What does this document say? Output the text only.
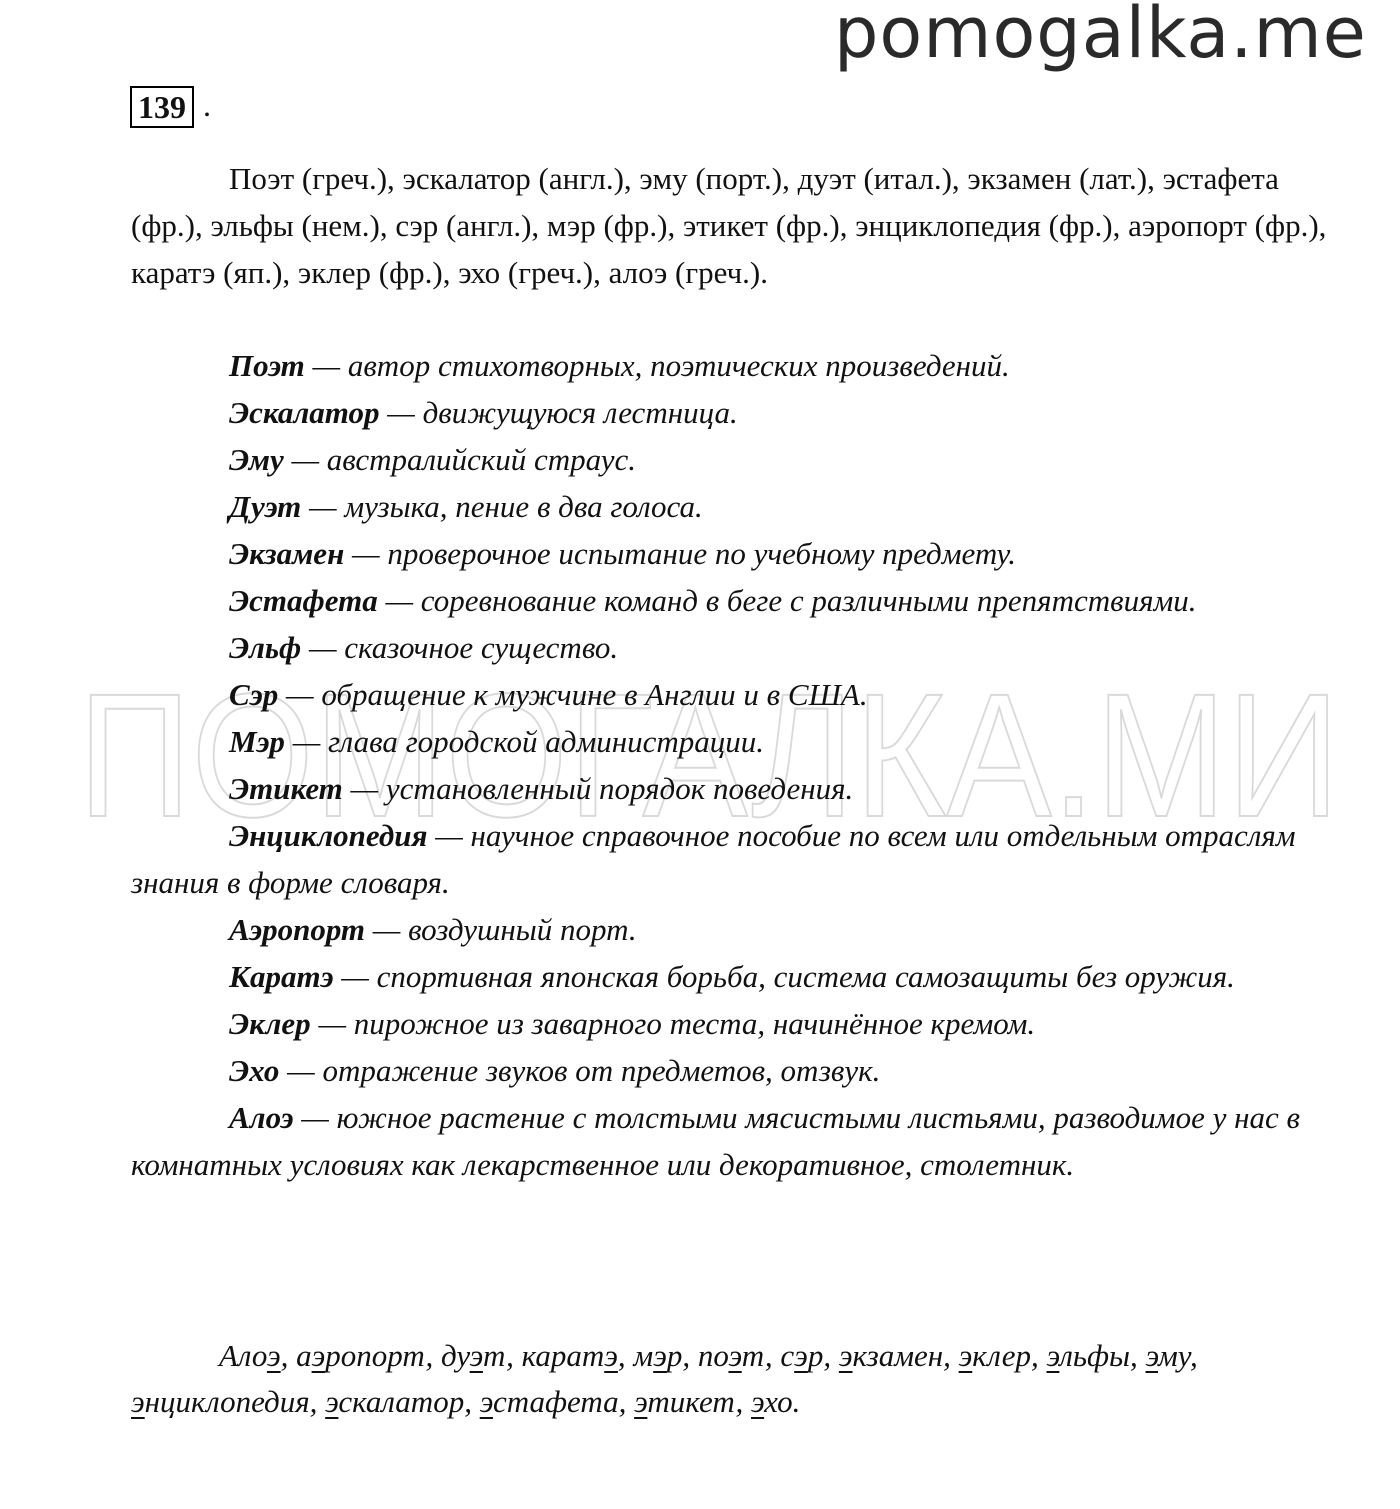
pomogalka.me
ПОМОГАЛКА.МИ
139 .

Поэт (греч.), эскалатор (англ.), эму (порт.), дуэт (итал.), экзамен (лат.), эстафета (фр.), эльфы (нем.), сэр (англ.), мэр (фр.), этикет (фр.), энциклопедия (фр.), аэропорт (фр.), каратэ (яп.), эклер (фр.), эхо (греч.), алоэ (греч.).

Поэт — автор стихотворных, поэтических произведений.

Эскалатор — движущуюся лестница.

Эму — австралийский страус.

Дуэт — музыка, пение в два голоса.

Экзамен — проверочное испытание по учебному предмету.

Эстафета — соревнование команд в беге с различными препятствиями.

Эльф — сказочное существо.

Сэр — обращение к мужчине в Англии и в США.

Мэр — глава городской администрации.

Этикет — установленный порядок поведения.

Энциклопедия — научное справочное пособие по всем или отдельным отраслям знания в форме словаря.

Аэропорт — воздушный порт.

Каратэ — спортивная японская борьба, система самозащиты без оружия.

Эклер — пирожное из заварного теста, начинённое кремом.

Эхо — отражение звуков от предметов, отзвук.

Алоэ — южное растение с толстыми мясистыми листьями, разводимое у нас в комнатных условиях как лекарственное или декоративное, столетник.

Алоэ, аэропорт, дуэт, каратэ, мэр, поэт, сэр, экзамен, эклер, эльфы, эму, энциклопедия, эскалатор, эстафета, этикет, эхо.
